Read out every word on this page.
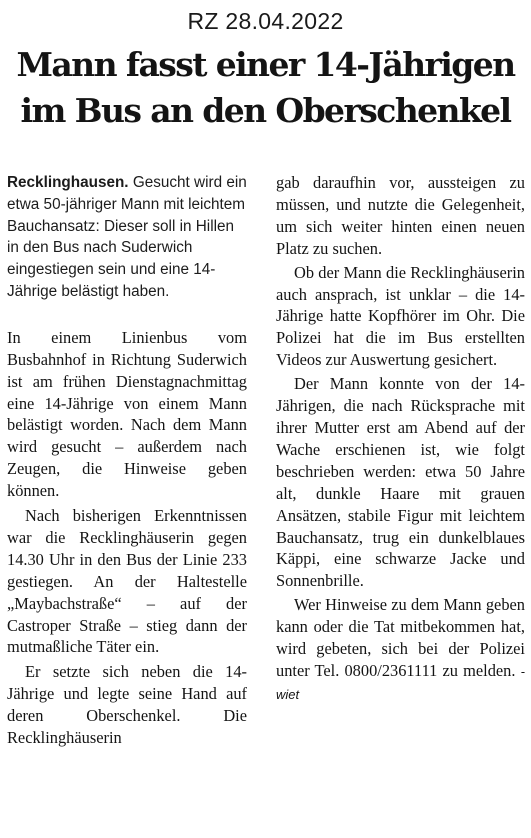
RZ 28.04.2022
Mann fasst einer 14-Jährigen im Bus an den Oberschenkel

Recklinghausen. Gesucht wird ein etwa 50-jähriger Mann mit leichtem Bauchansatz: Dieser soll in Hillen in den Bus nach Suderwich eingestiegen sein und eine 14-Jährige belästigt haben.

In einem Linienbus vom Busbahnhof in Richtung Suderwich ist am frühen Dienstagnachmittag eine 14-Jährige von einem Mann belästigt worden. Nach dem Mann wird gesucht – außerdem nach Zeugen, die Hinweise geben können.

Nach bisherigen Erkenntnissen war die Recklinghäuserin gegen 14.30 Uhr in den Bus der Linie 233 gestiegen. An der Haltestelle „Maybachstraße“ – auf der Castroper Straße – stieg dann der mutmaßliche Täter ein.

Er setzte sich neben die 14-Jährige und legte seine Hand auf deren Oberschenkel. Die Recklinghäuserin

gab daraufhin vor, aussteigen zu müssen, und nutzte die Gelegenheit, um sich weiter hinten einen neuen Platz zu suchen.

Ob der Mann die Recklinghäuserin auch ansprach, ist unklar – die 14-Jährige hatte Kopfhörer im Ohr. Die Polizei hat die im Bus erstellten Videos zur Auswertung gesichert.

Der Mann konnte von der 14-Jährigen, die nach Rücksprache mit ihrer Mutter erst am Abend auf der Wache erschienen ist, wie folgt beschrieben werden: etwa 50 Jahre alt, dunkle Haare mit grauen Ansätzen, stabile Figur mit leichtem Bauchansatz, trug ein dunkelblaues Käppi, eine schwarze Jacke und Sonnenbrille.

Wer Hinweise zu dem Mann geben kann oder die Tat mitbekommen hat, wird gebeten, sich bei der Polizei unter Tel. 0800/2361111 zu melden. -wiet
